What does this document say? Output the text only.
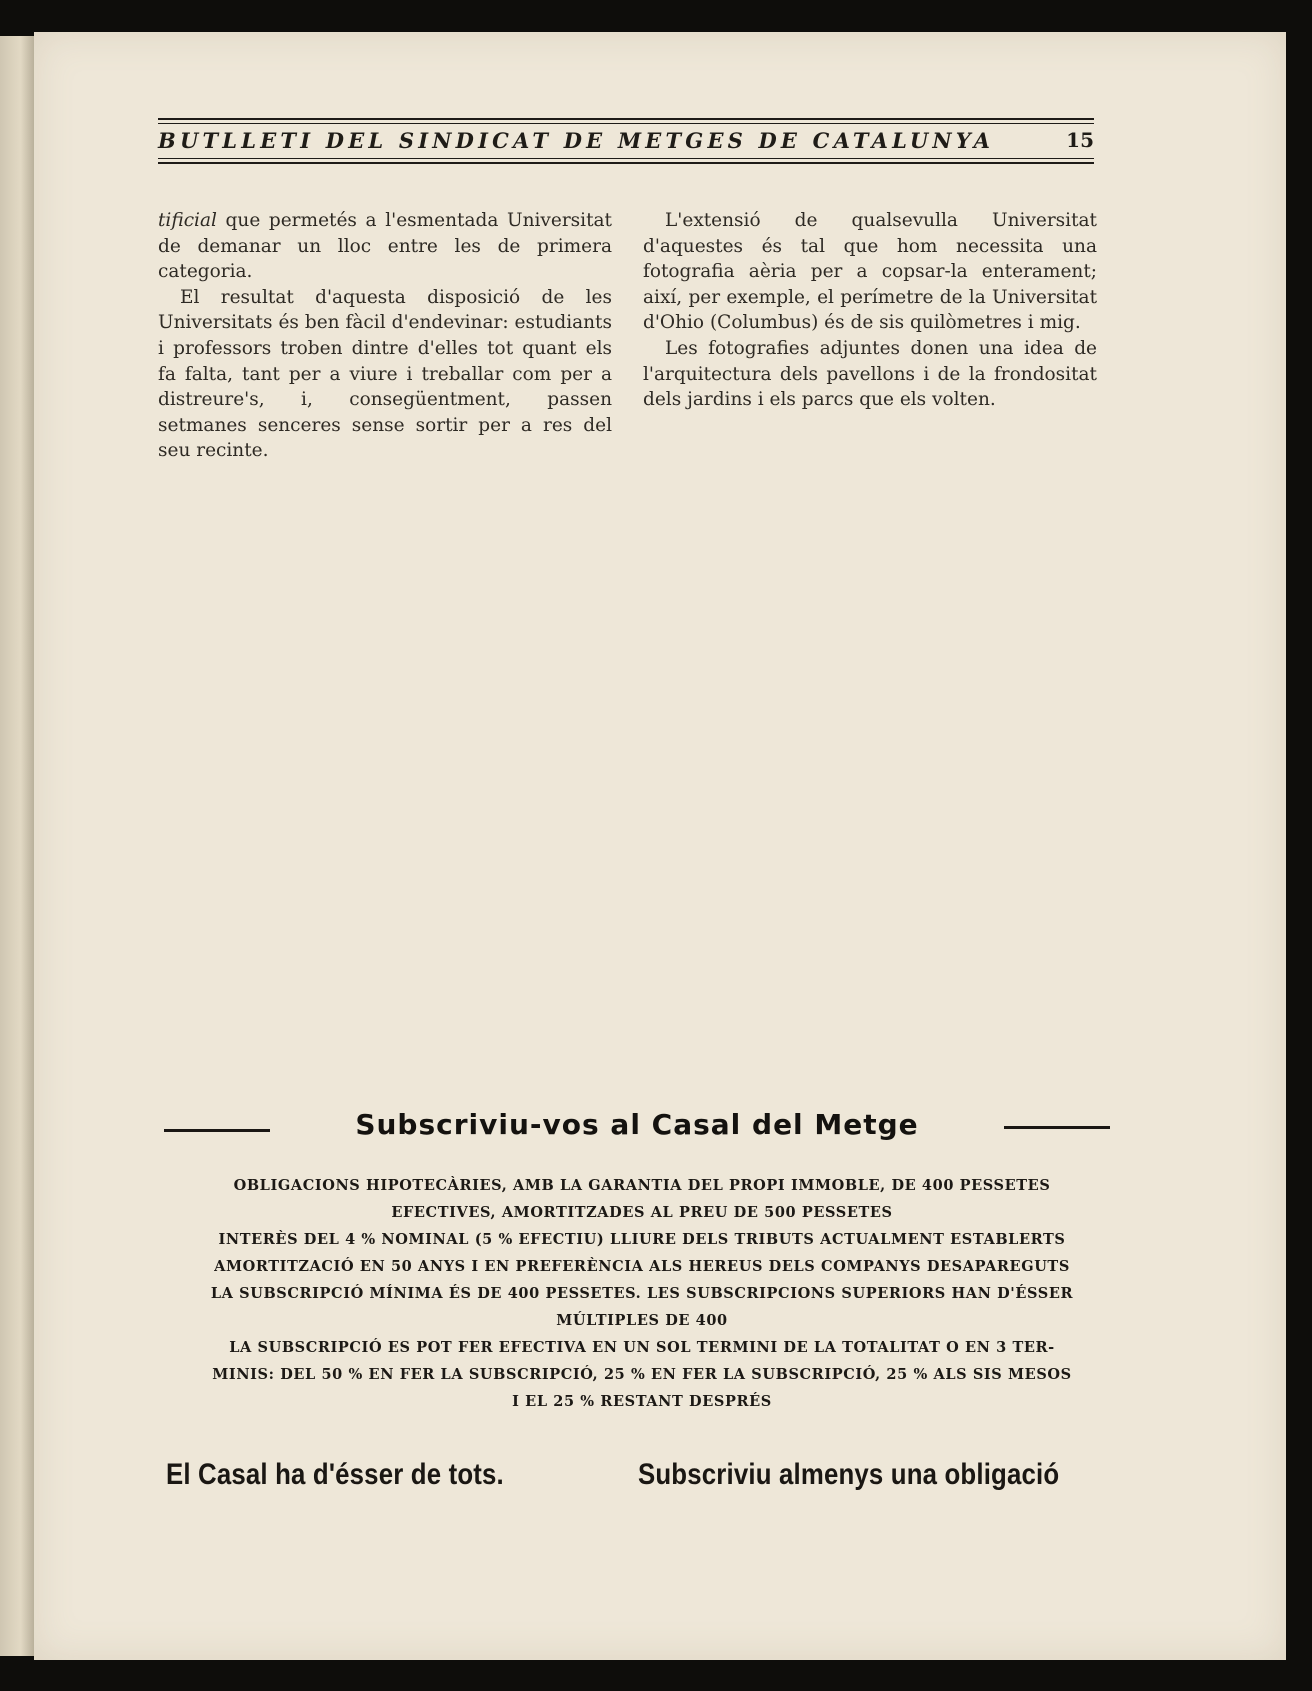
BUTLLETI DEL SINDICAT DE METGES DE CATALUNYA	15

tificial que permetés a l'esmentada Universitat de demanar un lloc entre les de primera categoria.

El resultat d'aquesta disposició de les Universitats és ben fàcil d'endevinar: estudiants i professors troben dintre d'elles tot quant els fa falta, tant per a viure i treballar com per a distreure's, i, consegüentment, passen setmanes senceres sense sortir per a res del seu recinte.

L'extensió de qualsevulla Universitat d'aquestes és tal que hom necessita una fotografia aèria per a copsar-la enterament; així, per exemple, el perímetre de la Universitat d'Ohio (Columbus) és de sis quilòmetres i mig.

Les fotografies adjuntes donen una idea de l'arquitectura dels pavellons i de la frondositat dels jardins i els parcs que els volten.

Subscriviu-vos al Casal del Metge
OBLIGACIONS HIPOTECÀRIES, AMB LA GARANTIA DEL PROPI IMMOBLE, DE 400 PESSETES
EFECTIVES, AMORTITZADES AL PREU DE 500 PESSETES
INTERÈS DEL 4 % NOMINAL (5 % EFECTIU) LLIURE DELS TRIBUTS ACTUALMENT ESTABLERTS
AMORTITZACIÓ EN 50 ANYS I EN PREFERÈNCIA ALS HEREUS DELS COMPANYS DESAPAREGUTS
LA SUBSCRIPCIÓ MÍNIMA ÉS DE 400 PESSETES. LES SUBSCRIPCIONS SUPERIORS HAN D'ÉSSER
MÚLTIPLES DE 400
LA SUBSCRIPCIÓ ES POT FER EFECTIVA EN UN SOL TERMINI DE LA TOTALITAT O EN 3 TER-
MINIS: DEL 50 % EN FER LA SUBSCRIPCIÓ, 25 % EN FER LA SUBSCRIPCIÓ, 25 % ALS SIS MESOS
I EL 25 % RESTANT DESPRÉS
El Casal ha d'ésser de tots.	Subscriviu almenys una obligació
